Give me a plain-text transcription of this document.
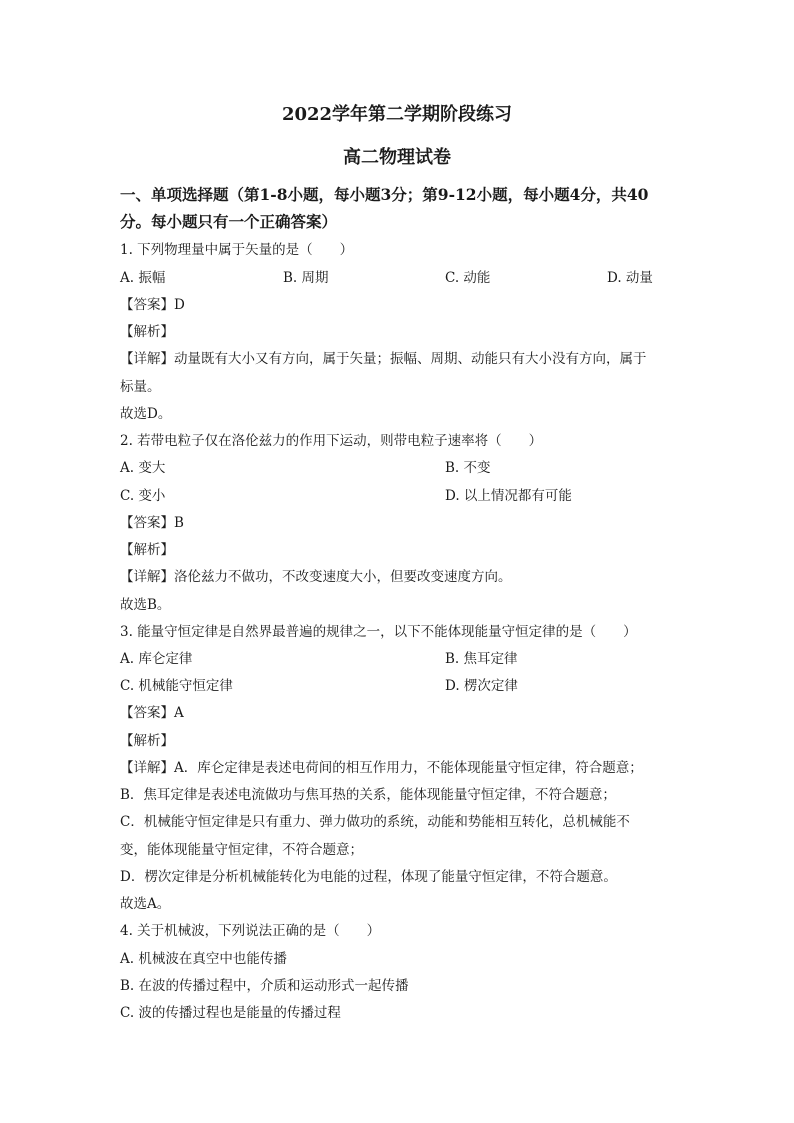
2022学年第二学期阶段练习
高二物理试卷
一、单项选择题（第1-8小题，每小题3分；第9-12小题，每小题4分，共40
分。每小题只有一个正确答案）
1. 下列物理量中属于矢量的是（　　）
A. 振幅	B. 周期	C. 动能	D. 动量
【答案】D
【解析】
【详解】动量既有大小又有方向，属于矢量；振幅、周期、动能只有大小没有方向，属于
标量。
故选D。
2. 若带电粒子仅在洛伦兹力的作用下运动，则带电粒子速率将（　　）
A. 变大	B. 不变
C. 变小	D. 以上情况都有可能
【答案】B
【解析】
【详解】洛伦兹力不做功，不改变速度大小，但要改变速度方向。
故选B。
3. 能量守恒定律是自然界最普遍的规律之一，以下不能体现能量守恒定律的是（　　）
A. 库仑定律	B. 焦耳定律
C. 机械能守恒定律	D. 楞次定律
【答案】A
【解析】
【详解】A．库仑定律是表述电荷间的相互作用力，不能体现能量守恒定律，符合题意；
B．焦耳定律是表述电流做功与焦耳热的关系，能体现能量守恒定律，不符合题意；
C．机械能守恒定律是只有重力、弹力做功的系统，动能和势能相互转化，总机械能不
变，能体现能量守恒定律，不符合题意；
D．楞次定律是分析机械能转化为电能的过程，体现了能量守恒定律，不符合题意。
故选A。
4. 关于机械波，下列说法正确的是（　　）
A. 机械波在真空中也能传播
B. 在波的传播过程中，介质和运动形式一起传播
C. 波的传播过程也是能量的传播过程
